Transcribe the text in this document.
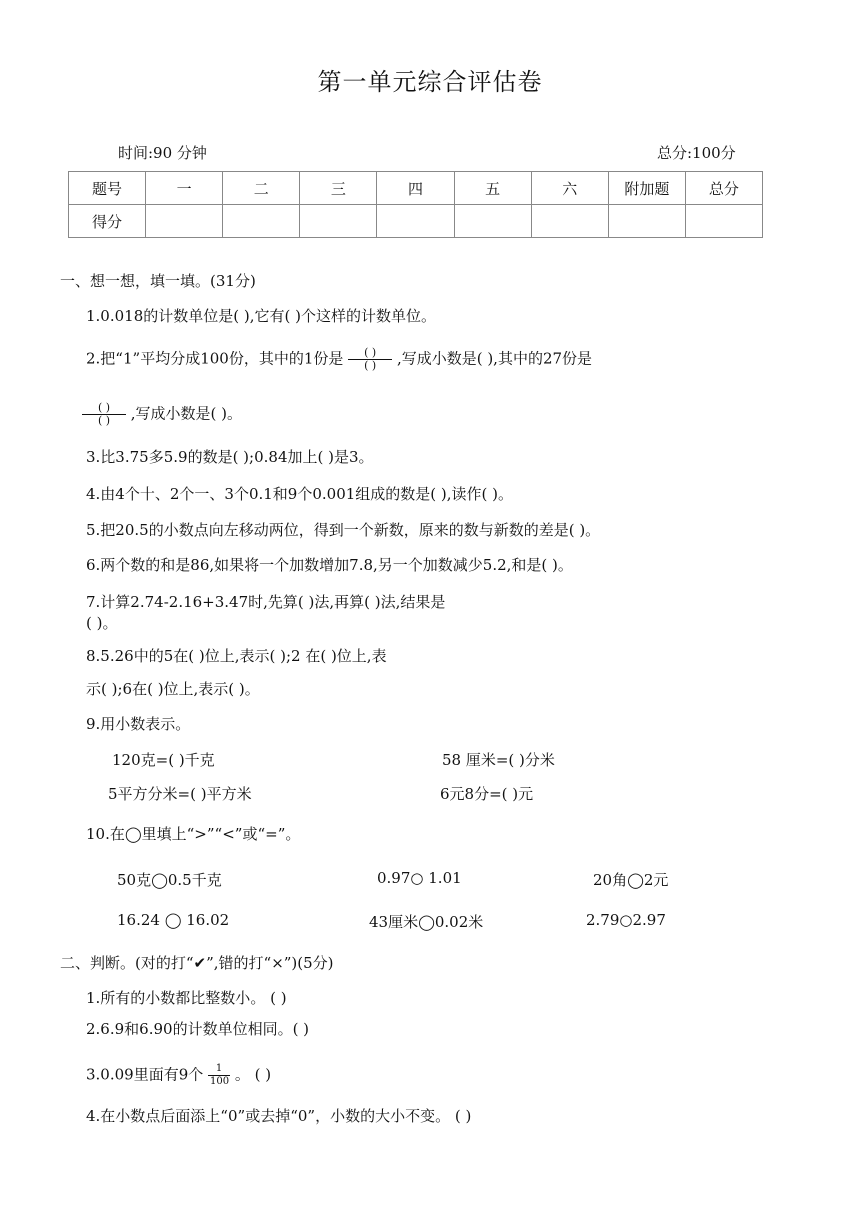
第一单元综合评估卷
时间:90 分钟	总分:100分
题号	一	二	三	四	五	六	附加题	总分
得分								
一、想一想，填一填。(31分)
1.0.018的计数单位是( ),它有( )个这样的计数单位。
2.把“1”平均分成100份，其中的1份是 $\frac{( )}{( )}$ ,写成小数是( ),其中的27份是
$\frac{( )}{( )}$ ,写成小数是( )。
3.比3.75多5.9的数是( );0.84加上( )是3。
4.由4个十、2个一、3个0.1和9个0.001组成的数是( ),读作( )。
5.把20.5的小数点向左移动两位，得到一个新数，原来的数与新数的差是( )。
6.两个数的和是86,如果将一个加数增加7.8,另一个加数减少5.2,和是( )。
7.计算2.74-2.16+3.47时,先算( )法,再算( )法,结果是
( )。
8.5.26中的5在( )位上,表示( );2 在( )位上,表
示( );6在( )位上,表示( )。
9.用小数表示。
120克=( )千克	58 厘米=( )分米
5平方分米=( )平方米	6元8分=( )元
10.在◯里填上“>”“<”或“=”。
50克◯0.5千克	0.97○ 1.01	20角◯2元
16.24 ◯ 16.02	43厘米◯0.02米	2.79○2.97
二、判断。(对的打“✔”,错的打“×”)(5分)
1.所有的小数都比整数小。 ( )
2.6.9和6.90的计数单位相同。( )
3.0.09里面有9个 $\frac{1}{100}$ 。 ( )
4.在小数点后面添上“0”或去掉“0”，小数的大小不变。 ( )
